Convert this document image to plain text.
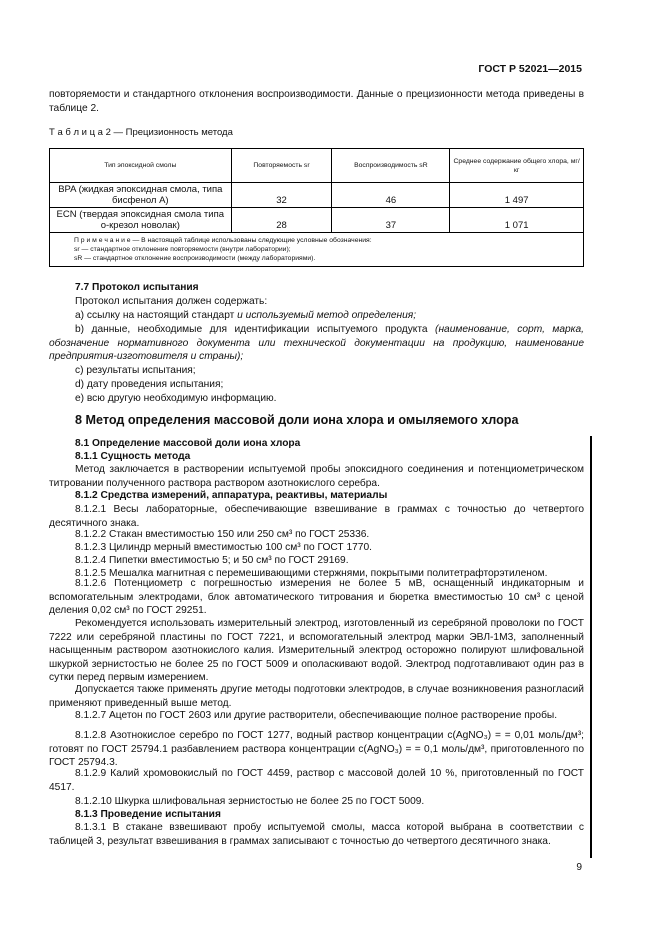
ГОСТ Р 52021—2015

повторяемости и стандартного отклонения воспроизводимости. Данные о прецизионности метода приведены в таблице 2.

Т а б л и ц а 2 — Прецизионность метода
Тип эпоксидной смолы	Повторяемость sr	Воспроизводимость sR	Среднее содержание общего хлора, мг/кг
BPA (жидкая эпоксидная смола, типа бисфенол А)	32	46	1 497
ECN (твердая эпоксидная смола типа о-крезол новолак)	28	37	1 071

П р и м е ч а н и е — В настоящей таблице использованы следующие условные обозначения:
sr — стандартное отклонение повторяемости (внутри лаборатории);
sR — стандартное отклонение воспроизводимости (между лабораториями).			
7.7 Протокол испытания
Протокол испытания должен содержать:
а) ссылку на настоящий стандарт и используемый метод определения;
b) данные, необходимые для идентификации испытуемого продукта (наименование, сорт, марка, обозначение нормативного документа или технической документации на продукцию, наименование предприятия-изготовителя и страны);
с) результаты испытания;
d) дату проведения испытания;
е) всю другую необходимую информацию.
8 Метод определения массовой доли иона хлора и омыляемого хлора
8.1 Определение массовой доли иона хлора
8.1.1 Сущность метода

Метод заключается в растворении испытуемой пробы эпоксидного соединения и потенциометрическом титровании полученного раствора раствором азотнокислого серебра.

8.1.2 Средства измерений, аппаратура, реактивы, материалы

8.1.2.1 Весы лабораторные, обеспечивающие взвешивание в граммах с точностью до четвертого десятичного знака.

8.1.2.2 Стакан вместимостью 150 или 250 см³ по ГОСТ 25336.
8.1.2.3 Цилиндр мерный вместимостью 100 см³ по ГОСТ 1770.
8.1.2.4 Пипетки вместимостью 5; и 50 см³ по ГОСТ 29169.
8.1.2.5 Мешалка магнитная с перемешивающими стержнями, покрытыми политетрафторэтиленом.

8.1.2.6 Потенциометр с погрешностью измерения не более 5 мВ, оснащенный индикаторным и вспомогательным электродами, блок автоматического титрования и бюретка вместимостью 10 см³ с ценой деления 0,02 см³ по ГОСТ 29251.

Рекомендуется использовать измерительный электрод, изготовленный из серебряной проволоки по ГОСТ 7222 или серебряной пластины по ГОСТ 7221, и вспомогательный электрод марки ЭВЛ-1М3, заполненный насыщенным раствором азотнокислого калия. Измерительный электрод осторожно полируют шлифовальной шкуркой зернистостью не более 25 по ГОСТ 5009 и ополаскивают водой. Электрод подготавливают один раз в сутки перед первым измерением.

Допускается также применять другие методы подготовки электродов, в случае возникновения разногласий применяют приведенный выше метод.

8.1.2.7 Ацетон по ГОСТ 2603 или другие растворители, обеспечивающие полное растворение пробы.

8.1.2.8 Азотнокислое серебро по ГОСТ 1277, водный раствор концентрации с(AgNO₃) = = 0,01 моль/дм³; готовят по ГОСТ 25794.1 разбавлением раствора концентрации с(AgNO₃) = = 0,1 моль/дм³, приготовленного по ГОСТ 25794.3.

8.1.2.9 Калий хромовокислый по ГОСТ 4459, раствор с массовой долей 10 %, приготовленный по ГОСТ 4517.

8.1.2.10 Шкурка шлифовальная зернистостью не более 25 по ГОСТ 5009.
8.1.3 Проведение испытания

8.1.3.1 В стакане взвешивают пробу испытуемой смолы, масса которой выбрана в соответствии с таблицей 3, результат взвешивания в граммах записывают с точностью до четвертого десятичного знака.

9
